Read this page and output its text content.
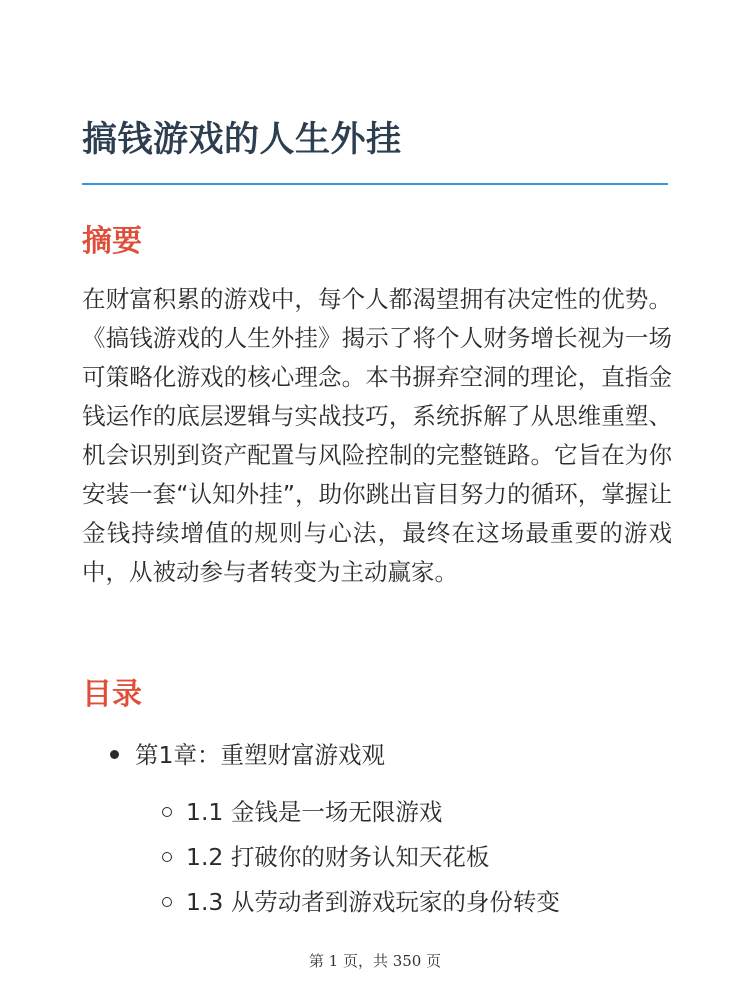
搞钱游戏的人生外挂
摘要

在财富积累的游戏中，每个人都渴望拥有决定性的优势。《搞钱游戏的人生外挂》揭示了将个人财务增长视为一场可策略化游戏的核心理念。本书摒弃空洞的理论，直指金钱运作的底层逻辑与实战技巧，系统拆解了从思维重塑、机会识别到资产配置与风险控制的完整链路。它旨在为你安装一套“认知外挂”，助你跳出盲目努力的循环，掌握让金钱持续增值的规则与心法，最终在这场最重要的游戏中，从被动参与者转变为主动赢家。

目录
第1章：重塑财富游戏观
1.1 金钱是一场无限游戏
1.2 打破你的财务认知天花板
1.3 从劳动者到游戏玩家的身份转变
第 1 页，共 350 页
